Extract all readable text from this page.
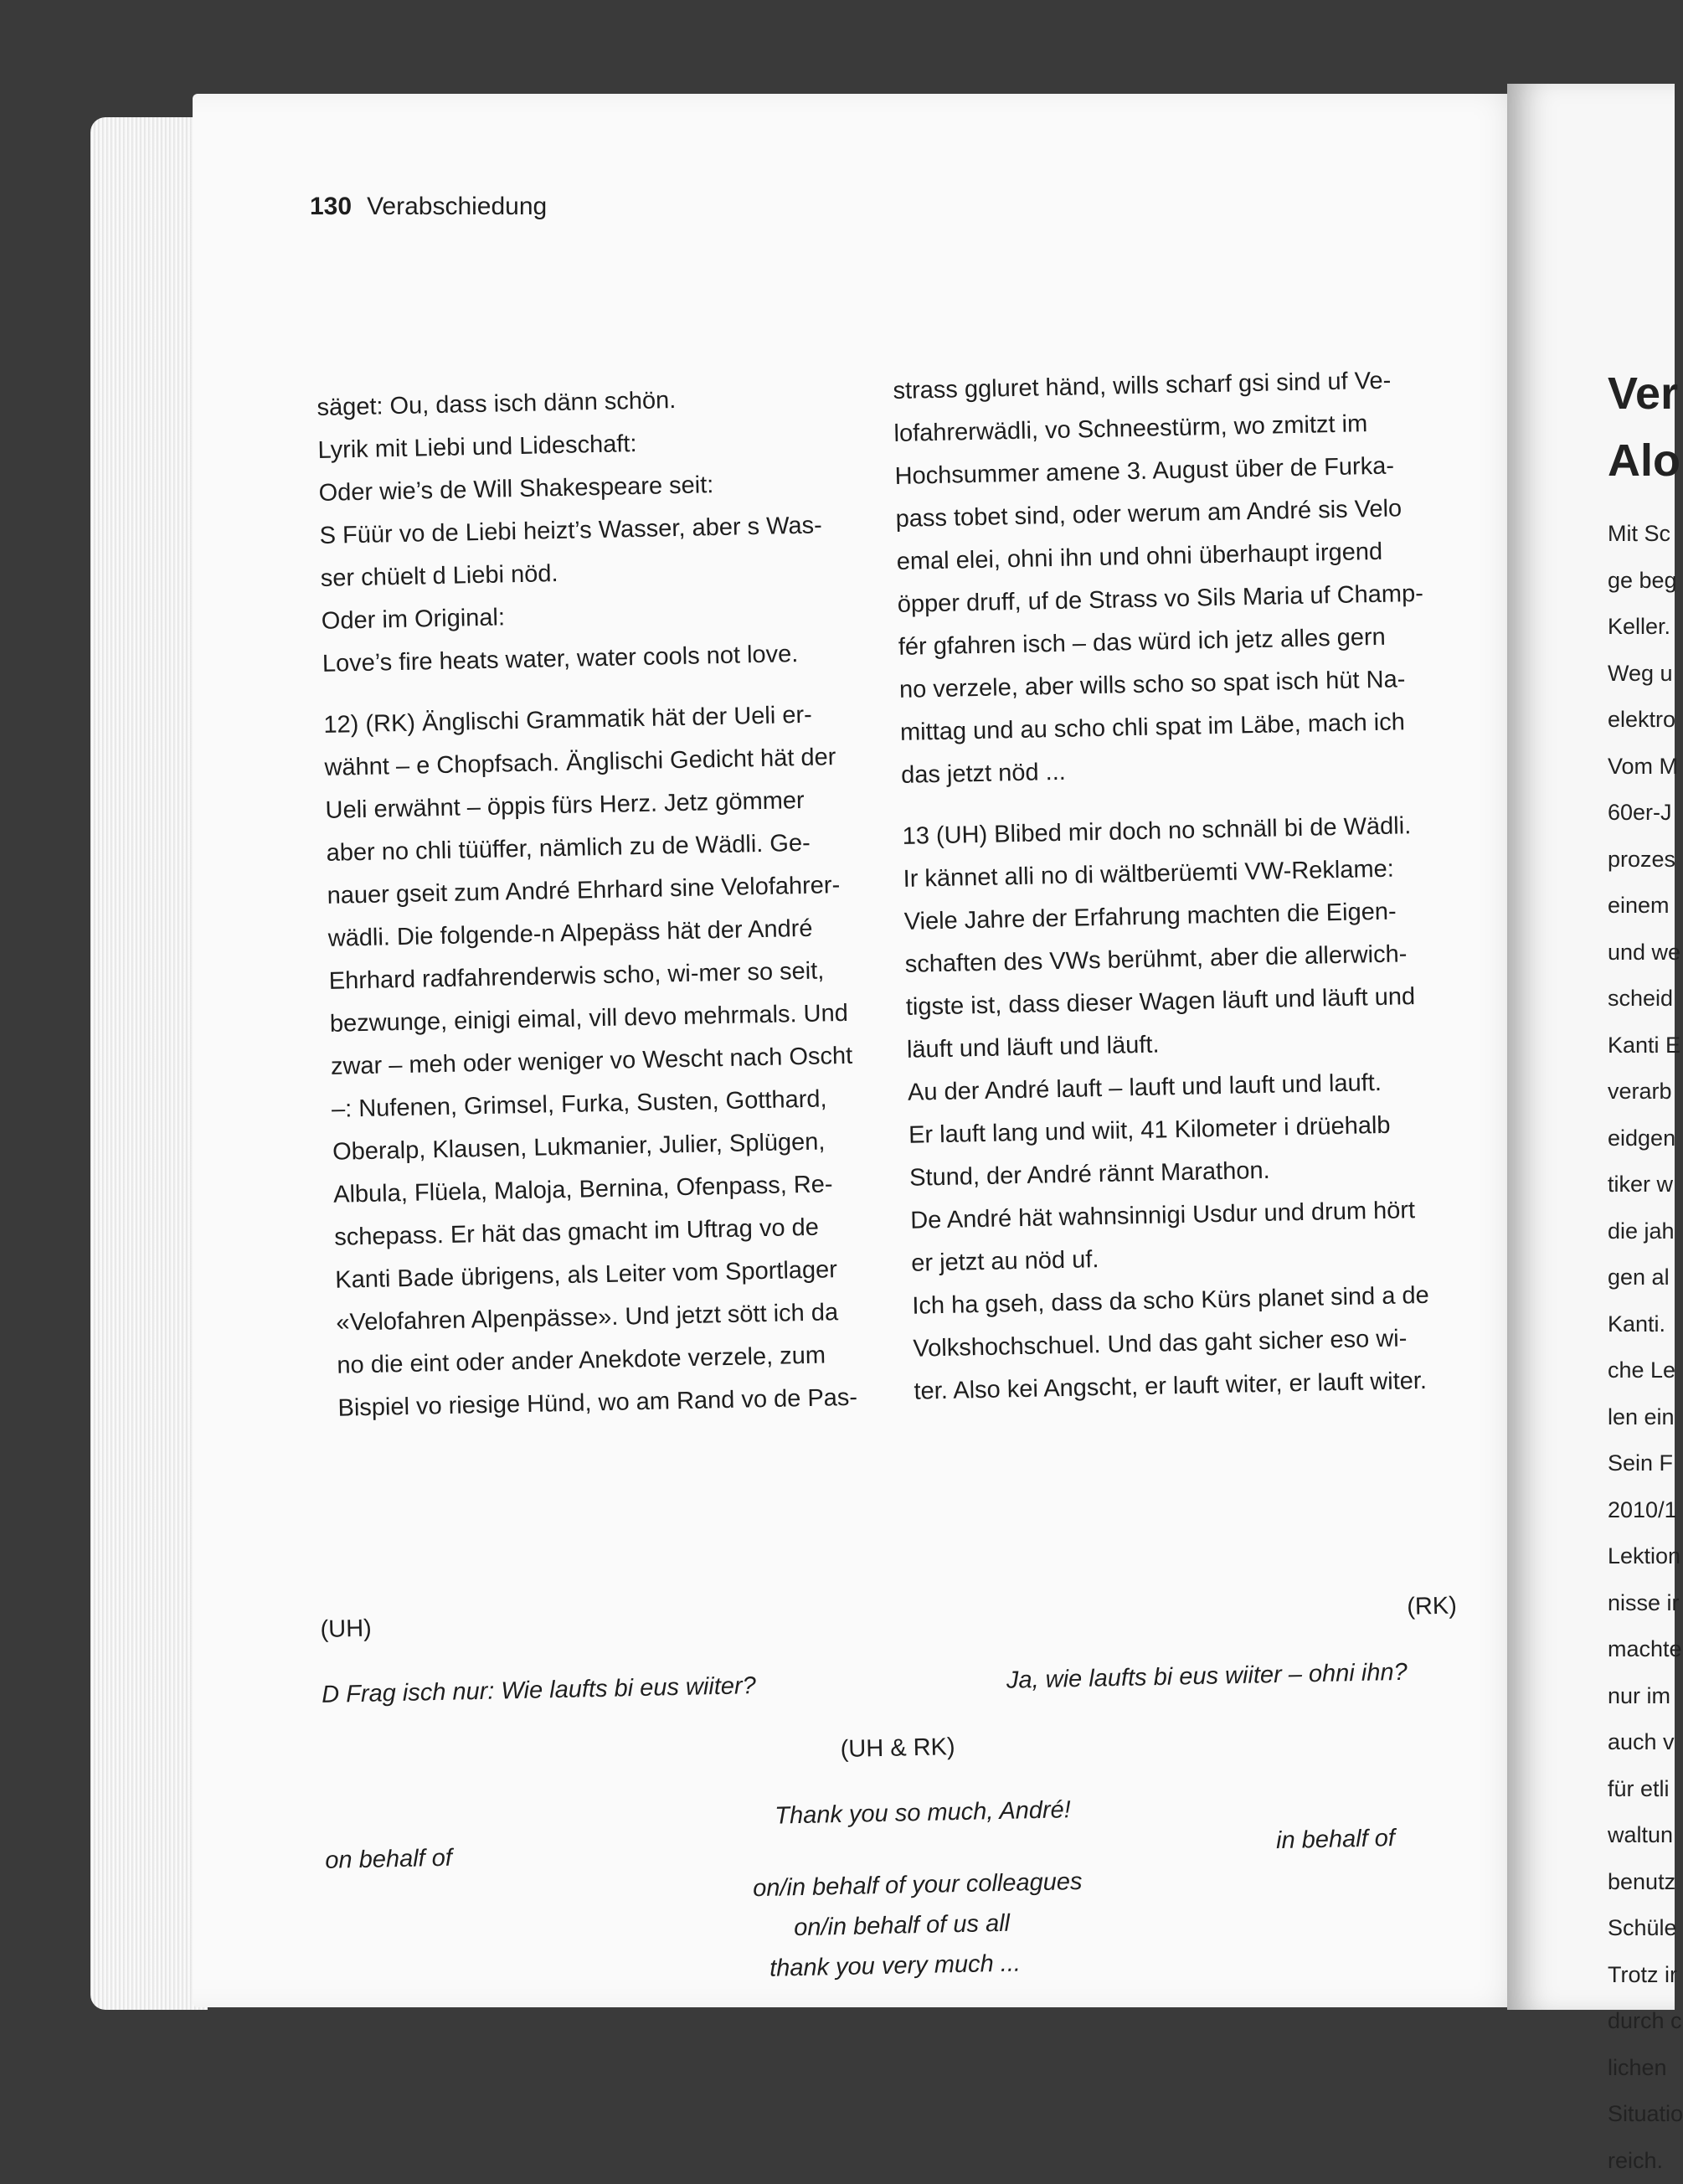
Ver
Alo
Mit Sc
ge beg
Keller.
Weg u
elektro
Vom M
60er-J
prozes
einem
und we
scheid
Kanti E
verarb
eidgen
tiker w
die jah
gen al
Kanti.
che Le
len ein
Sein F
2010/1
Lektion
nisse ir
machte
nur im
auch v
für etli
waltun
benutz
Schüle
Trotz ir
durch c
lichen
Situatio
reich.
130 Verabschiedung

säget: Ou, dass isch dänn schön.

Lyrik mit Liebi und Lideschaft:

Oder wie’s de Will Shakespeare seit:

S Füür vo de Liebi heizt’s Wasser, aber s Was-

ser chüelt d Liebi nöd.

Oder im Original:

Love’s fire heats water, water cools not love.

12) (RK) Änglischi Grammatik hät der Ueli er-

wähnt – e Chopfsach. Änglischi Gedicht hät der

Ueli erwähnt – öppis fürs Herz. Jetz gömmer

aber no chli tüüffer, nämlich zu de Wädli. Ge-

nauer gseit zum André Ehrhard sine Velofahrer-

wädli. Die folgende-n Alpepäss hät der André

Ehrhard radfahrenderwis scho, wi-mer so seit,

bezwunge, einigi eimal, vill devo mehrmals. Und

zwar – meh oder weniger vo Wescht nach Oscht

–: Nufenen, Grimsel, Furka, Susten, Gotthard,

Oberalp, Klausen, Lukmanier, Julier, Splügen,

Albula, Flüela, Maloja, Bernina, Ofenpass, Re-

schepass. Er hät das gmacht im Uftrag vo de

Kanti Bade übrigens, als Leiter vom Sportlager

«Velofahren Alpenpässe». Und jetzt sött ich da

no die eint oder ander Anekdote verzele, zum

Bispiel vo riesige Hünd, wo am Rand vo de Pas-

strass ggluret händ, wills scharf gsi sind uf Ve-

lofahrerwädli, vo Schneestürm, wo zmitzt im

Hochsummer amene 3. August über de Furka-

pass tobet sind, oder werum am André sis Velo

emal elei, ohni ihn und ohni überhaupt irgend

öpper druff, uf de Strass vo Sils Maria uf Champ-

fér gfahren isch – das würd ich jetz alles gern

no verzele, aber wills scho so spat isch hüt Na-

mittag und au scho chli spat im Läbe, mach ich

das jetzt nöd ...

13 (UH) Blibed mir doch no schnäll bi de Wädli.

Ir kännet alli no di wältberüemti VW-Reklame:

Viele Jahre der Erfahrung machten die Eigen-

schaften des VWs berühmt, aber die allerwich-

tigste ist, dass dieser Wagen läuft und läuft und

läuft und läuft und läuft.

Au der André lauft – lauft und lauft und lauft.

Er lauft lang und wiit, 41 Kilometer i drüehalb

Stund, der André rännt Marathon.

De André hät wahnsinnigi Usdur und drum hört

er jetzt au nöd uf.

Ich ha gseh, dass da scho Kürs planet sind a de

Volkshochschuel. Und das gaht sicher eso wi-

ter. Also kei Angscht, er lauft witer, er lauft witer.

(UH)
(RK)
D Frag isch nur: Wie laufts bi eus wiiter?	Ja, wie laufts bi eus wiiter – ohni ihn?
(UH & RK)
Thank you so much, André!
on behalf of
in behalf of
on/in behalf of your colleagues
on/in behalf of us all
thank you very much ...
